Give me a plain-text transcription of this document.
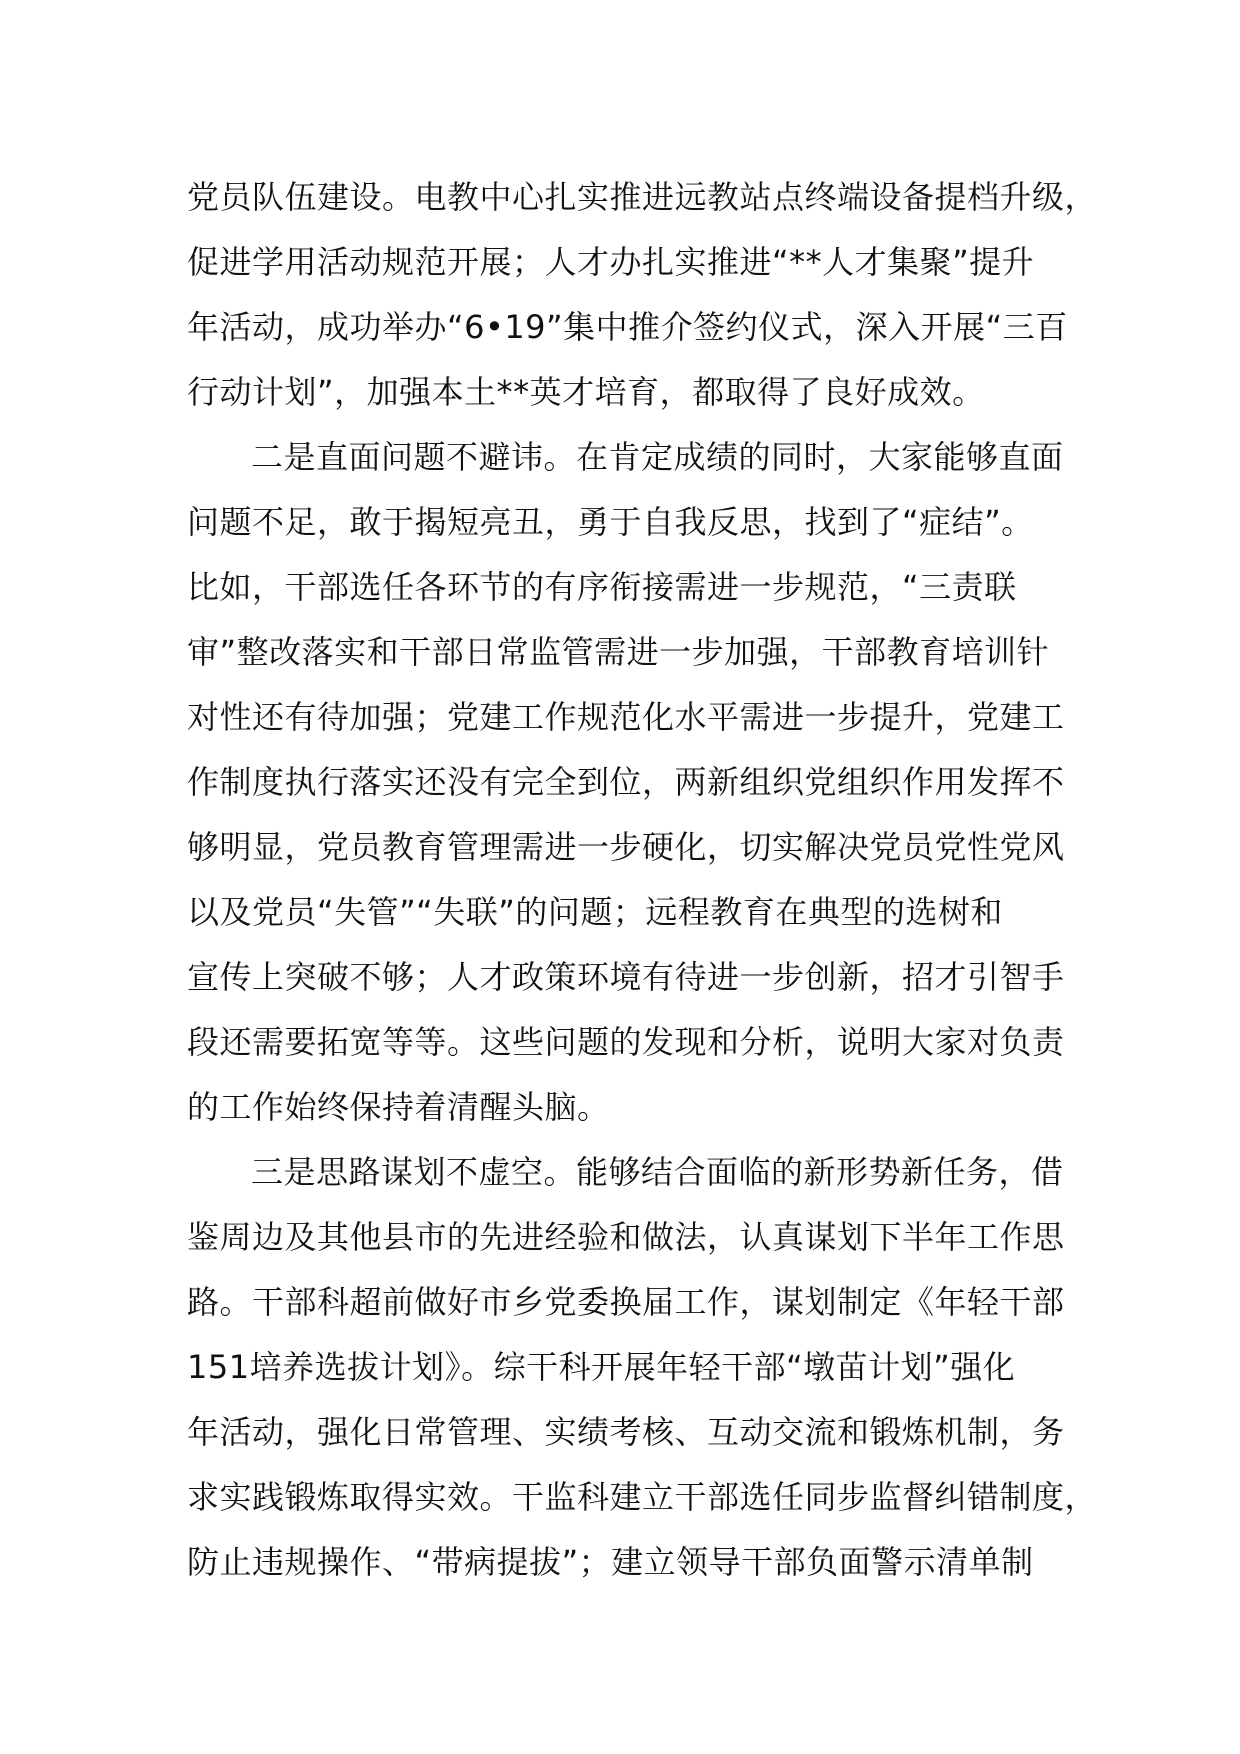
党员队伍建设。电教中心扎实推进远教站点终端设备提档升级，
促进学用活动规范开展；人才办扎实推进“**人才集聚”提升
年活动，成功举办“6•19”集中推介签约仪式，深入开展“三百
行动计划”，加强本土**英才培育，都取得了良好成效。
二是直面问题不避讳。在肯定成绩的同时，大家能够直面
问题不足，敢于揭短亮丑，勇于自我反思，找到了“症结”。
比如，干部选任各环节的有序衔接需进一步规范，“三责联
审”整改落实和干部日常监管需进一步加强，干部教育培训针
对性还有待加强；党建工作规范化水平需进一步提升，党建工
作制度执行落实还没有完全到位，两新组织党组织作用发挥不
够明显，党员教育管理需进一步硬化，切实解决党员党性党风
以及党员“失管”“失联”的问题；远程教育在典型的选树和
宣传上突破不够；人才政策环境有待进一步创新，招才引智手
段还需要拓宽等等。这些问题的发现和分析，说明大家对负责
的工作始终保持着清醒头脑。
三是思路谋划不虚空。能够结合面临的新形势新任务，借
鉴周边及其他县市的先进经验和做法，认真谋划下半年工作思
路。干部科超前做好市乡党委换届工作，谋划制定《年轻干部
151培养选拔计划》。综干科开展年轻干部“墩苗计划”强化
年活动，强化日常管理、实绩考核、互动交流和锻炼机制，务
求实践锻炼取得实效。干监科建立干部选任同步监督纠错制度，
防止违规操作、“带病提拔”；建立领导干部负面警示清单制
